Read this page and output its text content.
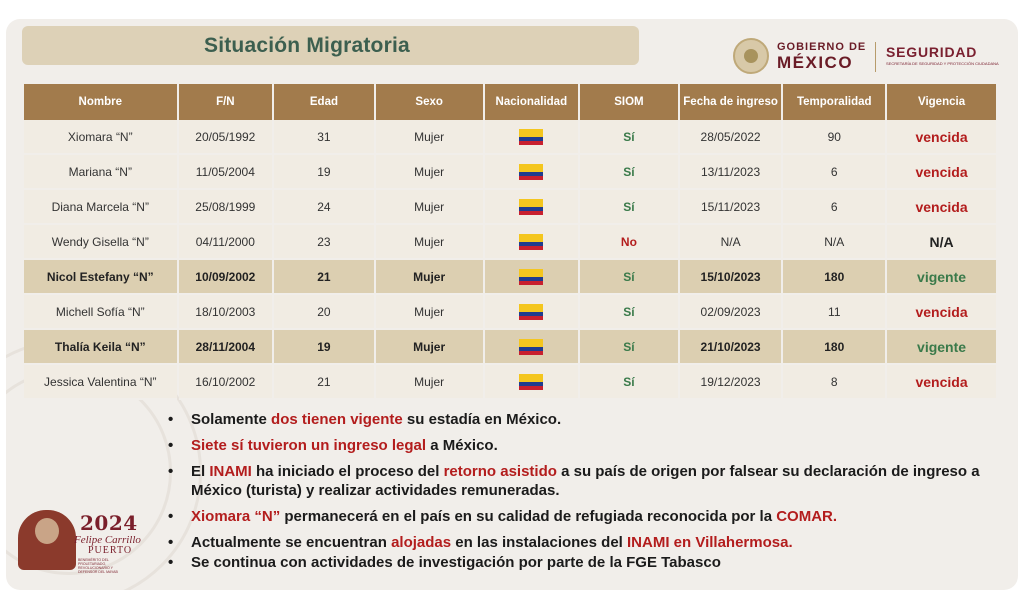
Situación Migratoria	GOBIERNO DE
MÉXICO
SEGURIDAD
SECRETARÍA DE SEGURIDAD Y PROTECCIÓN CIUDADANA
Nombre	F/N	Edad	Sexo	Nacionalidad	SIOM	Fecha de ingreso	Temporalidad	Vigencia
Xiomara “N”	20/05/1992	31	Mujer		Sí	28/05/2022	90	vencida
Mariana “N”	11/05/2004	19	Mujer		Sí	13/11/2023	6	vencida
Diana Marcela “N”	25/08/1999	24	Mujer		Sí	15/11/2023	6	vencida
Wendy Gisella “N”	04/11/2000	23	Mujer		No	N/A	N/A	N/A
Nicol Estefany “N”	10/09/2002	21	Mujer		Sí	15/10/2023	180	vigente
Michell Sofía “N”	18/10/2003	20	Mujer		Sí	02/09/2023	11	vencida
Thalía Keila “N”	28/11/2004	19	Mujer		Sí	21/10/2023	180	vigente
Jessica Valentina “N”	16/10/2002	21	Mujer		Sí	19/12/2023	8	vencida
• Solamente dos tienen vigente su estadía en México.
• Siete sí tuvieron un ingreso legal a México.
• El INAMI ha iniciado el proceso del retorno asistido a su país de origen por falsear su declaración de ingreso a México (turista) y realizar actividades remuneradas.
• Xiomara “N” permanecerá en el país en su calidad de refugiada reconocida por la COMAR.
• Actualmente se encuentran alojadas en las instalaciones del INAMI en Villahermosa.
• Se continua con actividades de investigación por parte de la FGE Tabasco
2024
Felipe Carrillo
PUERTO
BENEMÉRITO DEL PROLETARIADO, REVOLUCIONARIO Y DEFENSOR DEL MAYAB
